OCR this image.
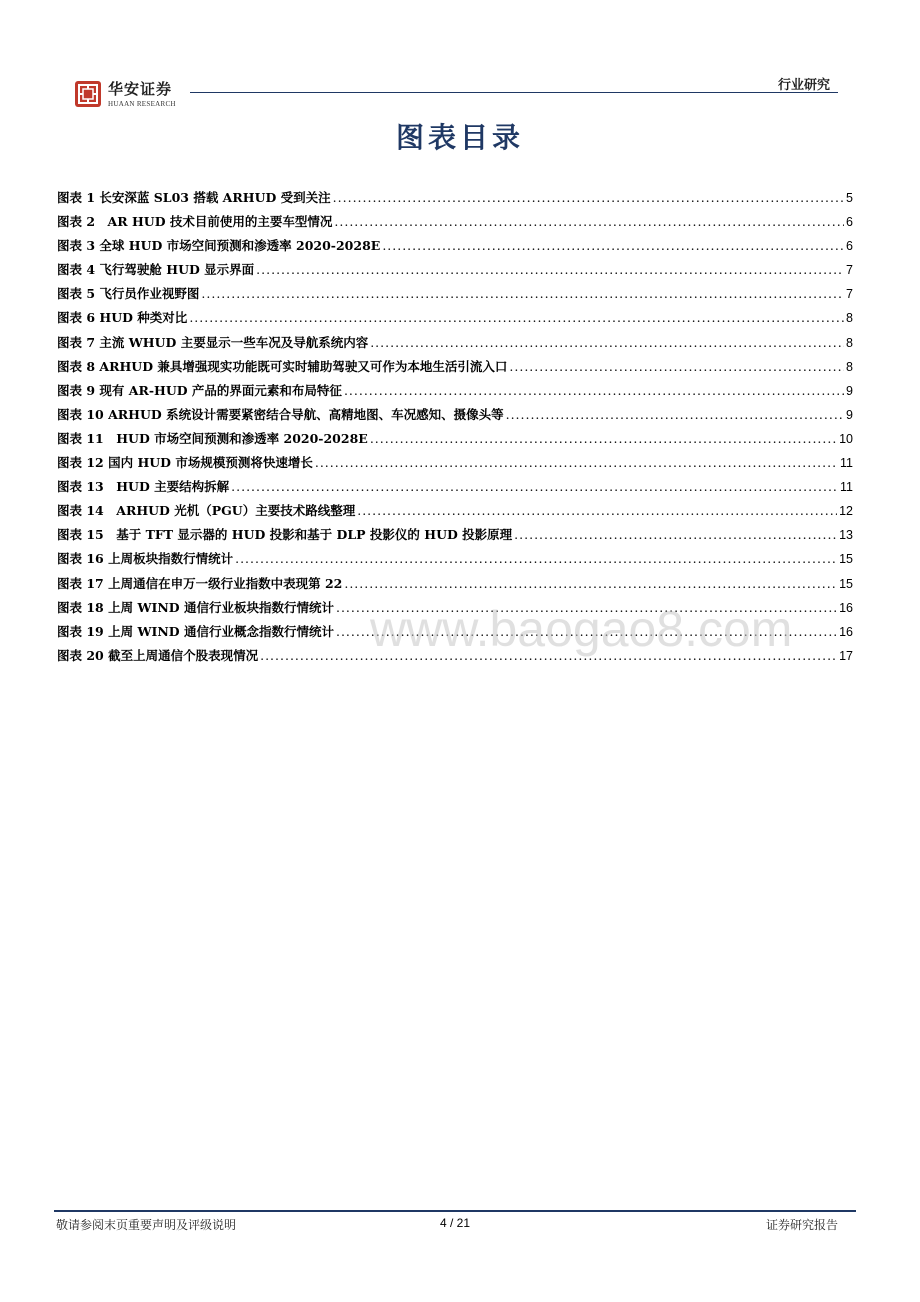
华安证券
HUAAN RESEARCH
行业研究
图表目录
图表 1 长安深蓝 SL03 搭载 ARHUD 受到关注 .....	5
图表 2　AR HUD 技术目前使用的主要车型情况 .....	6
图表 3 全球 HUD 市场空间预测和渗透率 2020-2028E .....	6
图表 4 飞行驾驶舱 HUD 显示界面 .....	7
图表 5 飞行员作业视野图 .....	7
图表 6 HUD 种类对比 .....	8
图表 7 主流 WHUD 主要显示一些车况及导航系统内容 .....	8
图表 8 ARHUD 兼具增强现实功能既可实时辅助驾驶又可作为本地生活引流入口 .....	8
图表 9 现有 AR-HUD 产品的界面元素和布局特征 .....	9
图表 10 ARHUD 系统设计需要紧密结合导航、高精地图、车况感知、摄像头等 .....	9
图表 11　HUD 市场空间预测和渗透率 2020-2028E .....	10
图表 12 国内 HUD 市场规模预测将快速增长 .....	11
图表 13　HUD 主要结构拆解 .....	11
图表 14　ARHUD 光机（PGU）主要技术路线整理 .....	12
图表 15　基于 TFT 显示器的 HUD 投影和基于 DLP 投影仪的 HUD 投影原理 .....	13
图表 16 上周板块指数行情统计 .....	15
图表 17 上周通信在申万一级行业指数中表现第 22 .....	15
图表 18 上周 WIND 通信行业板块指数行情统计 .....	16
图表 19 上周 WIND 通信行业概念指数行情统计 .....	16
图表 20 截至上周通信个股表现情况 .....	17
www.baogao8.com
敬请参阅末页重要声明及评级说明	4 / 21	证券研究报告
